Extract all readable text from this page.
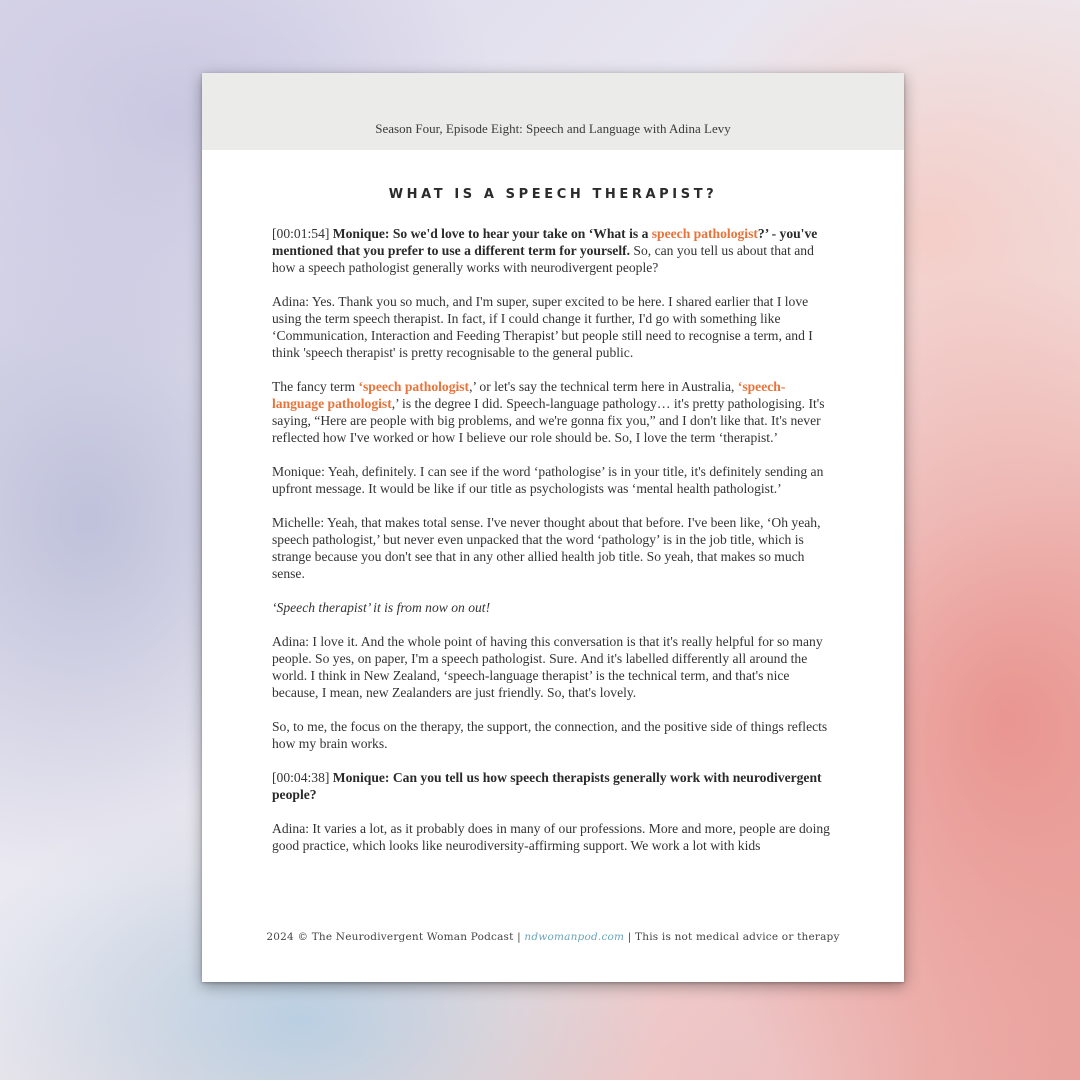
Season Four, Episode Eight: Speech and Language with Adina Levy
WHAT IS A SPEECH THERAPIST?

[00:01:54] Monique: So we'd love to hear your take on ‘What is a speech pathologist?’ - you've mentioned that you prefer to use a different term for yourself. So, can you tell us about that and how a speech pathologist generally works with neurodivergent people?

Adina: Yes. Thank you so much, and I'm super, super excited to be here. I shared earlier that I love using the term speech therapist. In fact, if I could change it further, I'd go with something like ‘Communication, Interaction and Feeding Therapist’ but people still need to recognise a term, and I think 'speech therapist' is pretty recognisable to the general public.

The fancy term ‘speech pathologist,’ or let's say the technical term here in Australia, ‘speech-language pathologist,’ is the degree I did. Speech-language pathology… it's pretty pathologising. It's saying, “Here are people with big problems, and we're gonna fix you,” and I don't like that. It's never reflected how I've worked or how I believe our role should be. So, I love the term ‘therapist.’

Monique: Yeah, definitely. I can see if the word ‘pathologise’ is in your title, it's definitely sending an upfront message. It would be like if our title as psychologists was ‘mental health pathologist.’

Michelle: Yeah, that makes total sense. I've never thought about that before. I've been like, ‘Oh yeah, speech pathologist,’ but never even unpacked that the word ‘pathology’ is in the job title, which is strange because you don't see that in any other allied health job title. So yeah, that makes so much sense.

‘Speech therapist’ it is from now on out!

Adina: I love it. And the whole point of having this conversation is that it's really helpful for so many people. So yes, on paper, I'm a speech pathologist. Sure. And it's labelled differently all around the world. I think in New Zealand, ‘speech-language therapist’ is the technical term, and that's nice because, I mean, new Zealanders are just friendly. So, that's lovely.

So, to me, the focus on the therapy, the support, the connection, and the positive side of things reflects how my brain works.

[00:04:38] Monique: Can you tell us how speech therapists generally work with neurodivergent people?

Adina: It varies a lot, as it probably does in many of our professions. More and more, people are doing good practice, which looks like neurodiversity-affirming support. We work a lot with kids

2024 © The Neurodivergent Woman Podcast | ndwomanpod.com | This is not medical advice or therapy
